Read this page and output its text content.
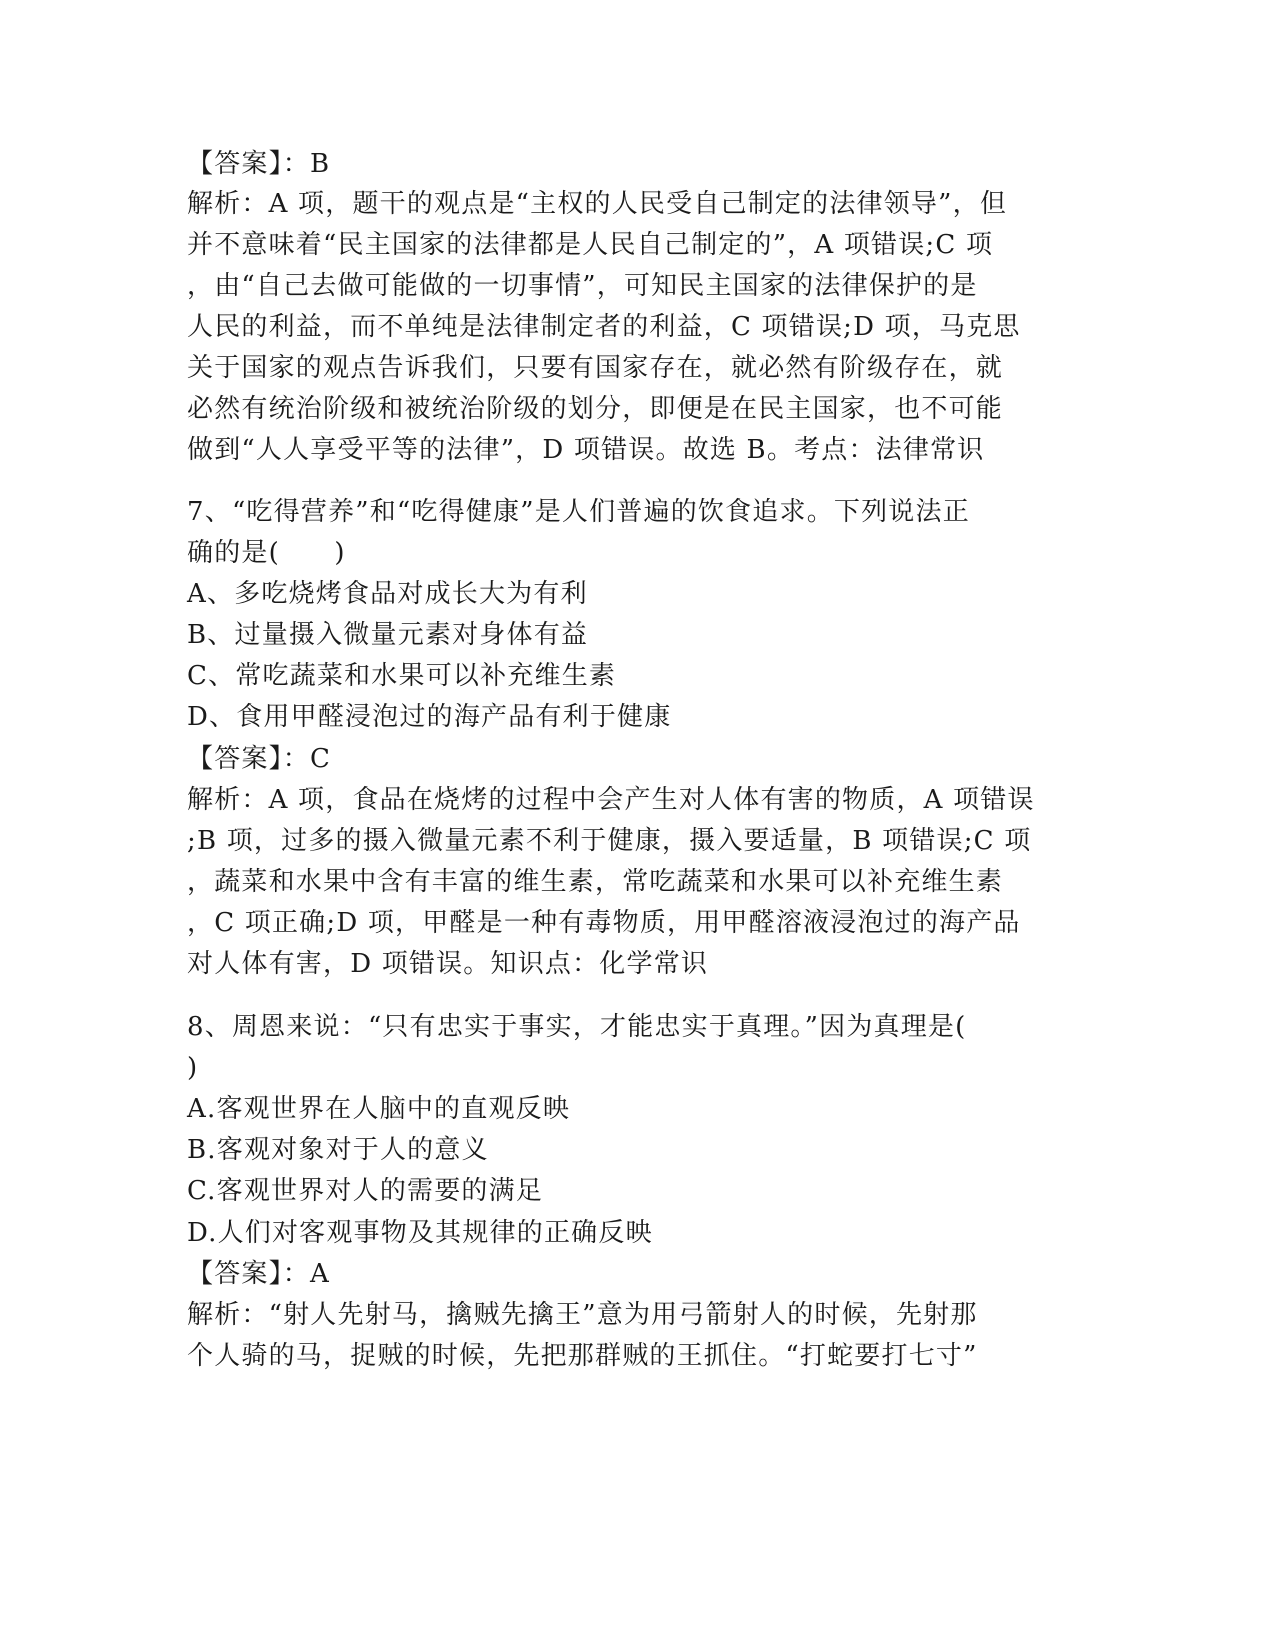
【答案】：B
解析：A 项，题干的观点是“主权的人民受自己制定的法律领导”，但
并不意味着“民主国家的法律都是人民自己制定的”，A 项错误;C 项
，由“自己去做可能做的一切事情”，可知民主国家的法律保护的是
人民的利益，而不单纯是法律制定者的利益，C 项错误;D 项，马克思
关于国家的观点告诉我们，只要有国家存在，就必然有阶级存在，就
必然有统治阶级和被统治阶级的划分，即便是在民主国家，也不可能
做到“人人享受平等的法律”，D 项错误。故选 B。考点：法律常识
7、“吃得营养”和“吃得健康”是人们普遍的饮食追求。下列说法正
确的是(　　)
A、多吃烧烤食品对成长大为有利
B、过量摄入微量元素对身体有益
C、常吃蔬菜和水果可以补充维生素
D、食用甲醛浸泡过的海产品有利于健康
【答案】：C
解析：A 项，食品在烧烤的过程中会产生对人体有害的物质，A 项错误
;B 项，过多的摄入微量元素不利于健康，摄入要适量，B 项错误;C 项
，蔬菜和水果中含有丰富的维生素，常吃蔬菜和水果可以补充维生素
，C 项正确;D 项，甲醛是一种有毒物质，用甲醛溶液浸泡过的海产品
对人体有害，D 项错误。知识点：化学常识
8、周恩来说：“只有忠实于事实，才能忠实于真理。”因为真理是(
)
A.客观世界在人脑中的直观反映
B.客观对象对于人的意义
C.客观世界对人的需要的满足
D.人们对客观事物及其规律的正确反映
【答案】：A
解析：“射人先射马，擒贼先擒王”意为用弓箭射人的时候，先射那
个人骑的马，捉贼的时候，先把那群贼的王抓住。“打蛇要打七寸”
